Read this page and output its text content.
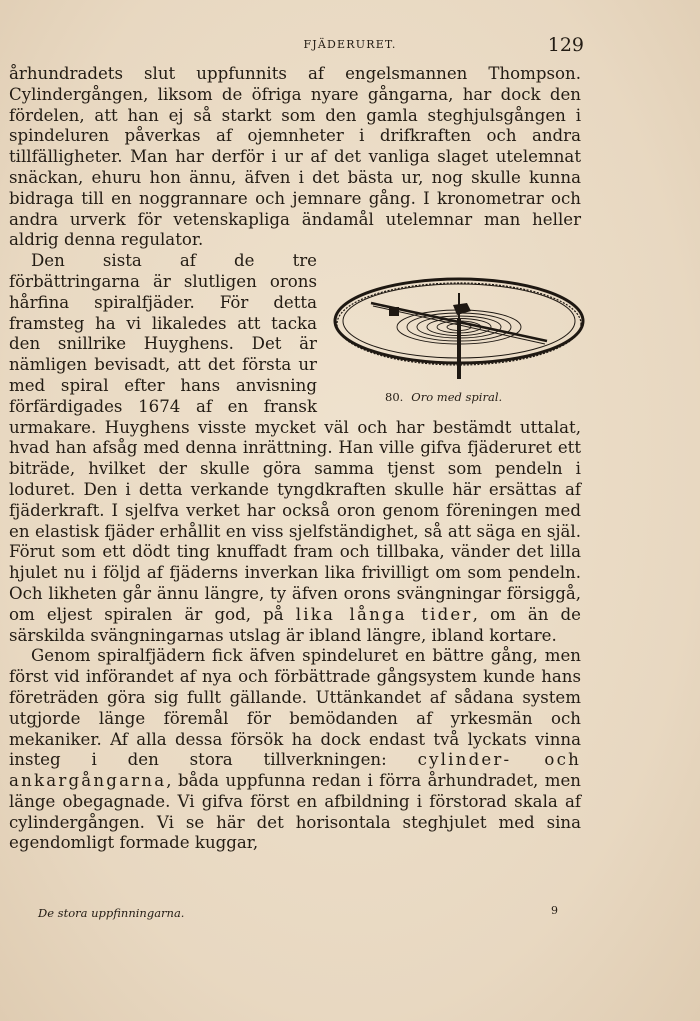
FJÄDERURET.	129

århundradets slut uppfunnits af engelsmannen Thompson. Cylindergången, liksom de öfriga nyare gångarna, har dock den fördelen, att han ej så starkt som den gamla steghjulsgången i spindeluren påverkas af ojemnheter i drifkraften och andra tillfälligheter. Man har derför i ur af det vanliga slaget utelemnat snäckan, ehuru hon ännu, äfven i det bästa ur, nog skulle kunna bidraga till en noggrannare och jemnare gång. I kronometrar och andra urverk för vetenskapliga ändamål utelemnar man heller aldrig denna regulator.

80. Oro med spiral.

Den sista af de tre förbättringarna är slutligen orons hårfina spiralfjäder. För detta framsteg ha vi likaledes att tacka den snillrike Huyghens. Det är nämligen bevisadt, att det första ur med spiral efter hans anvisning förfärdigades 1674 af en fransk urmakare. Huyghens visste mycket väl och har bestämdt uttalat, hvad han afsåg med denna inrättning. Han ville gifva fjäderuret ett biträde, hvilket der skulle göra samma tjenst som pendeln i loduret. Den i detta verkande tyngdkraften skulle här ersättas af fjäderkraft. I sjelfva verket har också oron genom föreningen med en elastisk fjäder erhållit en viss sjelfständighet, så att säga en själ. Förut som ett dödt ting knuffadt fram och tillbaka, vänder det lilla hjulet nu i följd af fjäderns inverkan lika frivilligt om som pendeln. Och likheten går ännu längre, ty äfven orons svängningar försiggå, om eljest spiralen är god, på lika långa tider, om än de särskilda svängningarnas utslag är ibland längre, ibland kortare.

Genom spiralfjädern fick äfven spindeluret en bättre gång, men först vid införandet af nya och förbättrade gångsystem kunde hans företräden göra sig fullt gällande. Uttänkandet af sådana system utgjorde länge föremål för bemödanden af yrkesmän och mekaniker. Af alla dessa försök ha dock endast två lyckats vinna insteg i den stora tillverkningen: cylinder- och ankargångarna, båda uppfunna redan i förra århundradet, men länge obegagnade. Vi gifva först en afbildning i förstorad skala af cylindergången. Vi se här det horisontala steghjulet med sina egendomligt formade kuggar,

De stora uppfinningarna.	9
